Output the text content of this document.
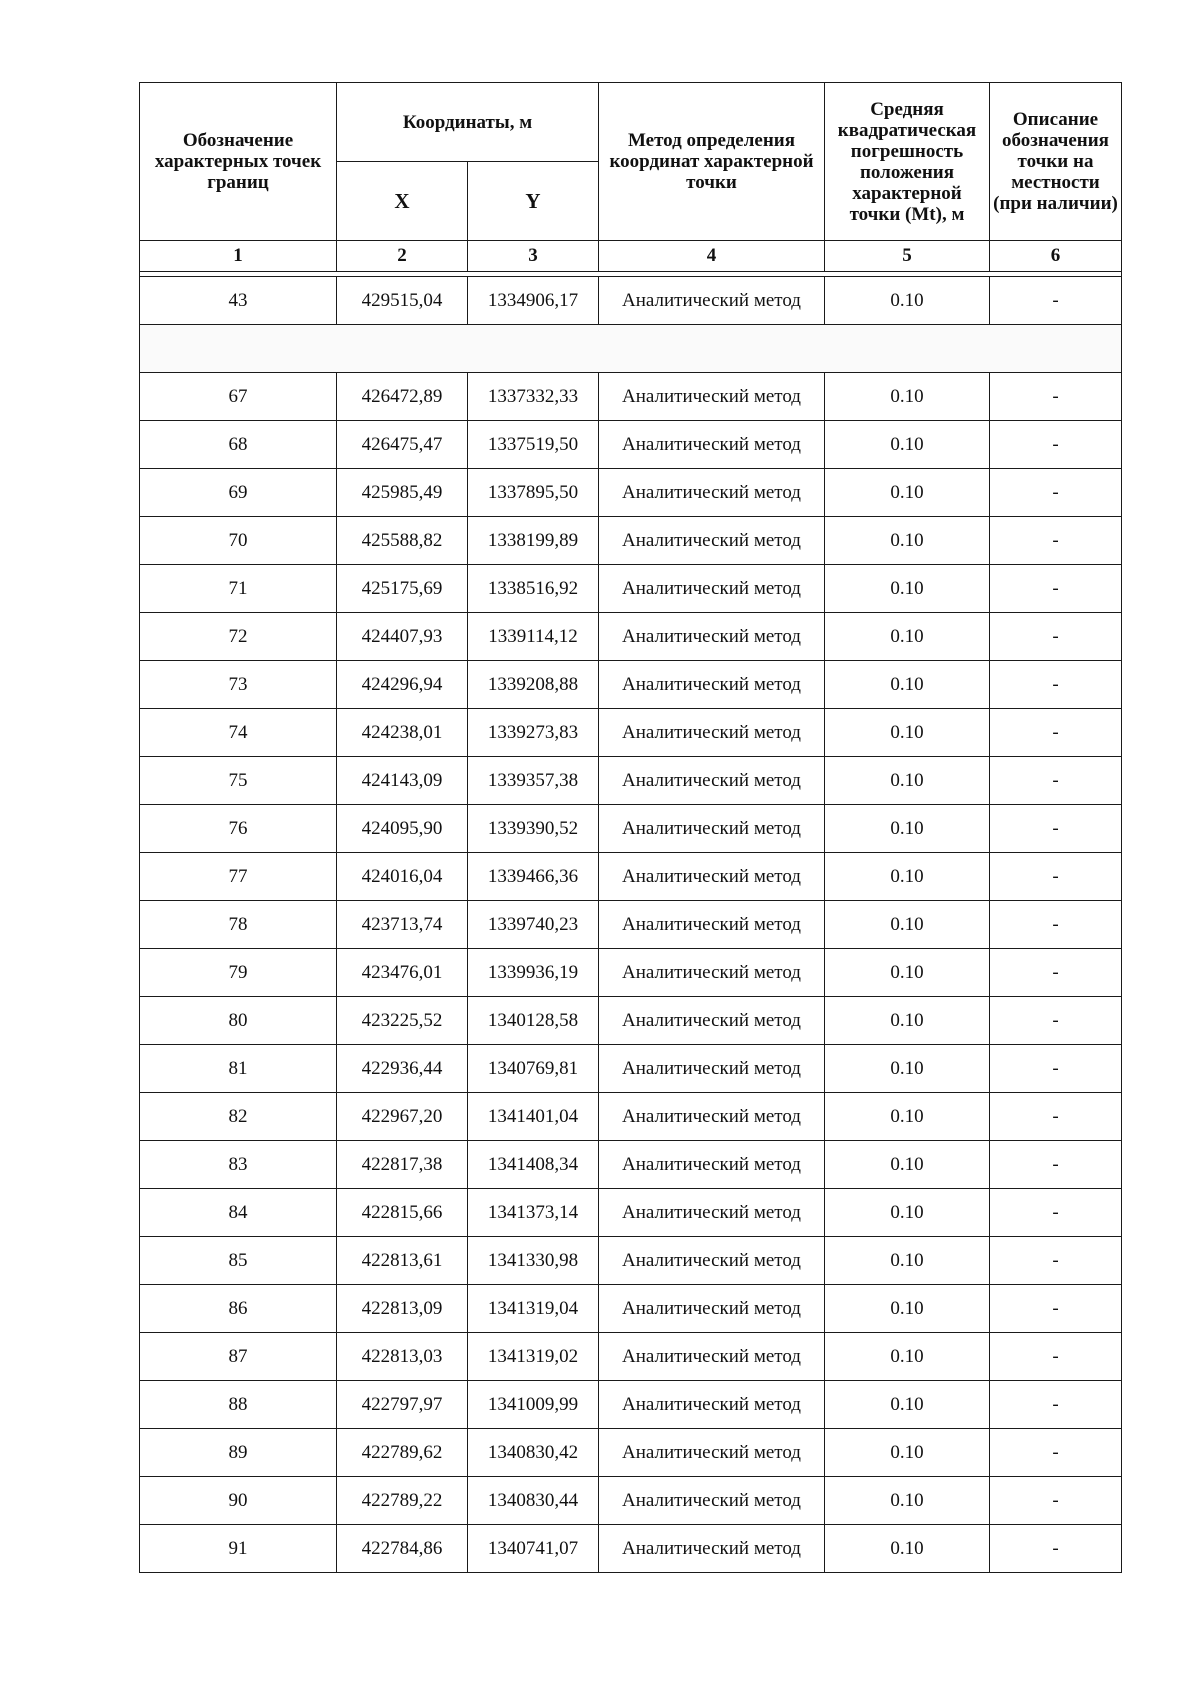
Обозначение характерных точек границ	Координаты, м		Метод определения координат характерной точки	Средняя квадратическая погрешность положения характерной точки (Mt), м	Описание обозначения точки на местности (при наличии)
	X	Y			
1	2	3	4	5	6

43	429515,04	1334906,17	Аналитический метод	0.10	-

67	426472,89	1337332,33	Аналитический метод	0.10	-
68	426475,47	1337519,50	Аналитический метод	0.10	-
69	425985,49	1337895,50	Аналитический метод	0.10	-
70	425588,82	1338199,89	Аналитический метод	0.10	-
71	425175,69	1338516,92	Аналитический метод	0.10	-
72	424407,93	1339114,12	Аналитический метод	0.10	-
73	424296,94	1339208,88	Аналитический метод	0.10	-
74	424238,01	1339273,83	Аналитический метод	0.10	-
75	424143,09	1339357,38	Аналитический метод	0.10	-
76	424095,90	1339390,52	Аналитический метод	0.10	-
77	424016,04	1339466,36	Аналитический метод	0.10	-
78	423713,74	1339740,23	Аналитический метод	0.10	-
79	423476,01	1339936,19	Аналитический метод	0.10	-
80	423225,52	1340128,58	Аналитический метод	0.10	-
81	422936,44	1340769,81	Аналитический метод	0.10	-
82	422967,20	1341401,04	Аналитический метод	0.10	-
83	422817,38	1341408,34	Аналитический метод	0.10	-
84	422815,66	1341373,14	Аналитический метод	0.10	-
85	422813,61	1341330,98	Аналитический метод	0.10	-
86	422813,09	1341319,04	Аналитический метод	0.10	-
87	422813,03	1341319,02	Аналитический метод	0.10	-
88	422797,97	1341009,99	Аналитический метод	0.10	-
89	422789,62	1340830,42	Аналитический метод	0.10	-
90	422789,22	1340830,44	Аналитический метод	0.10	-
91	422784,86	1340741,07	Аналитический метод	0.10	-
